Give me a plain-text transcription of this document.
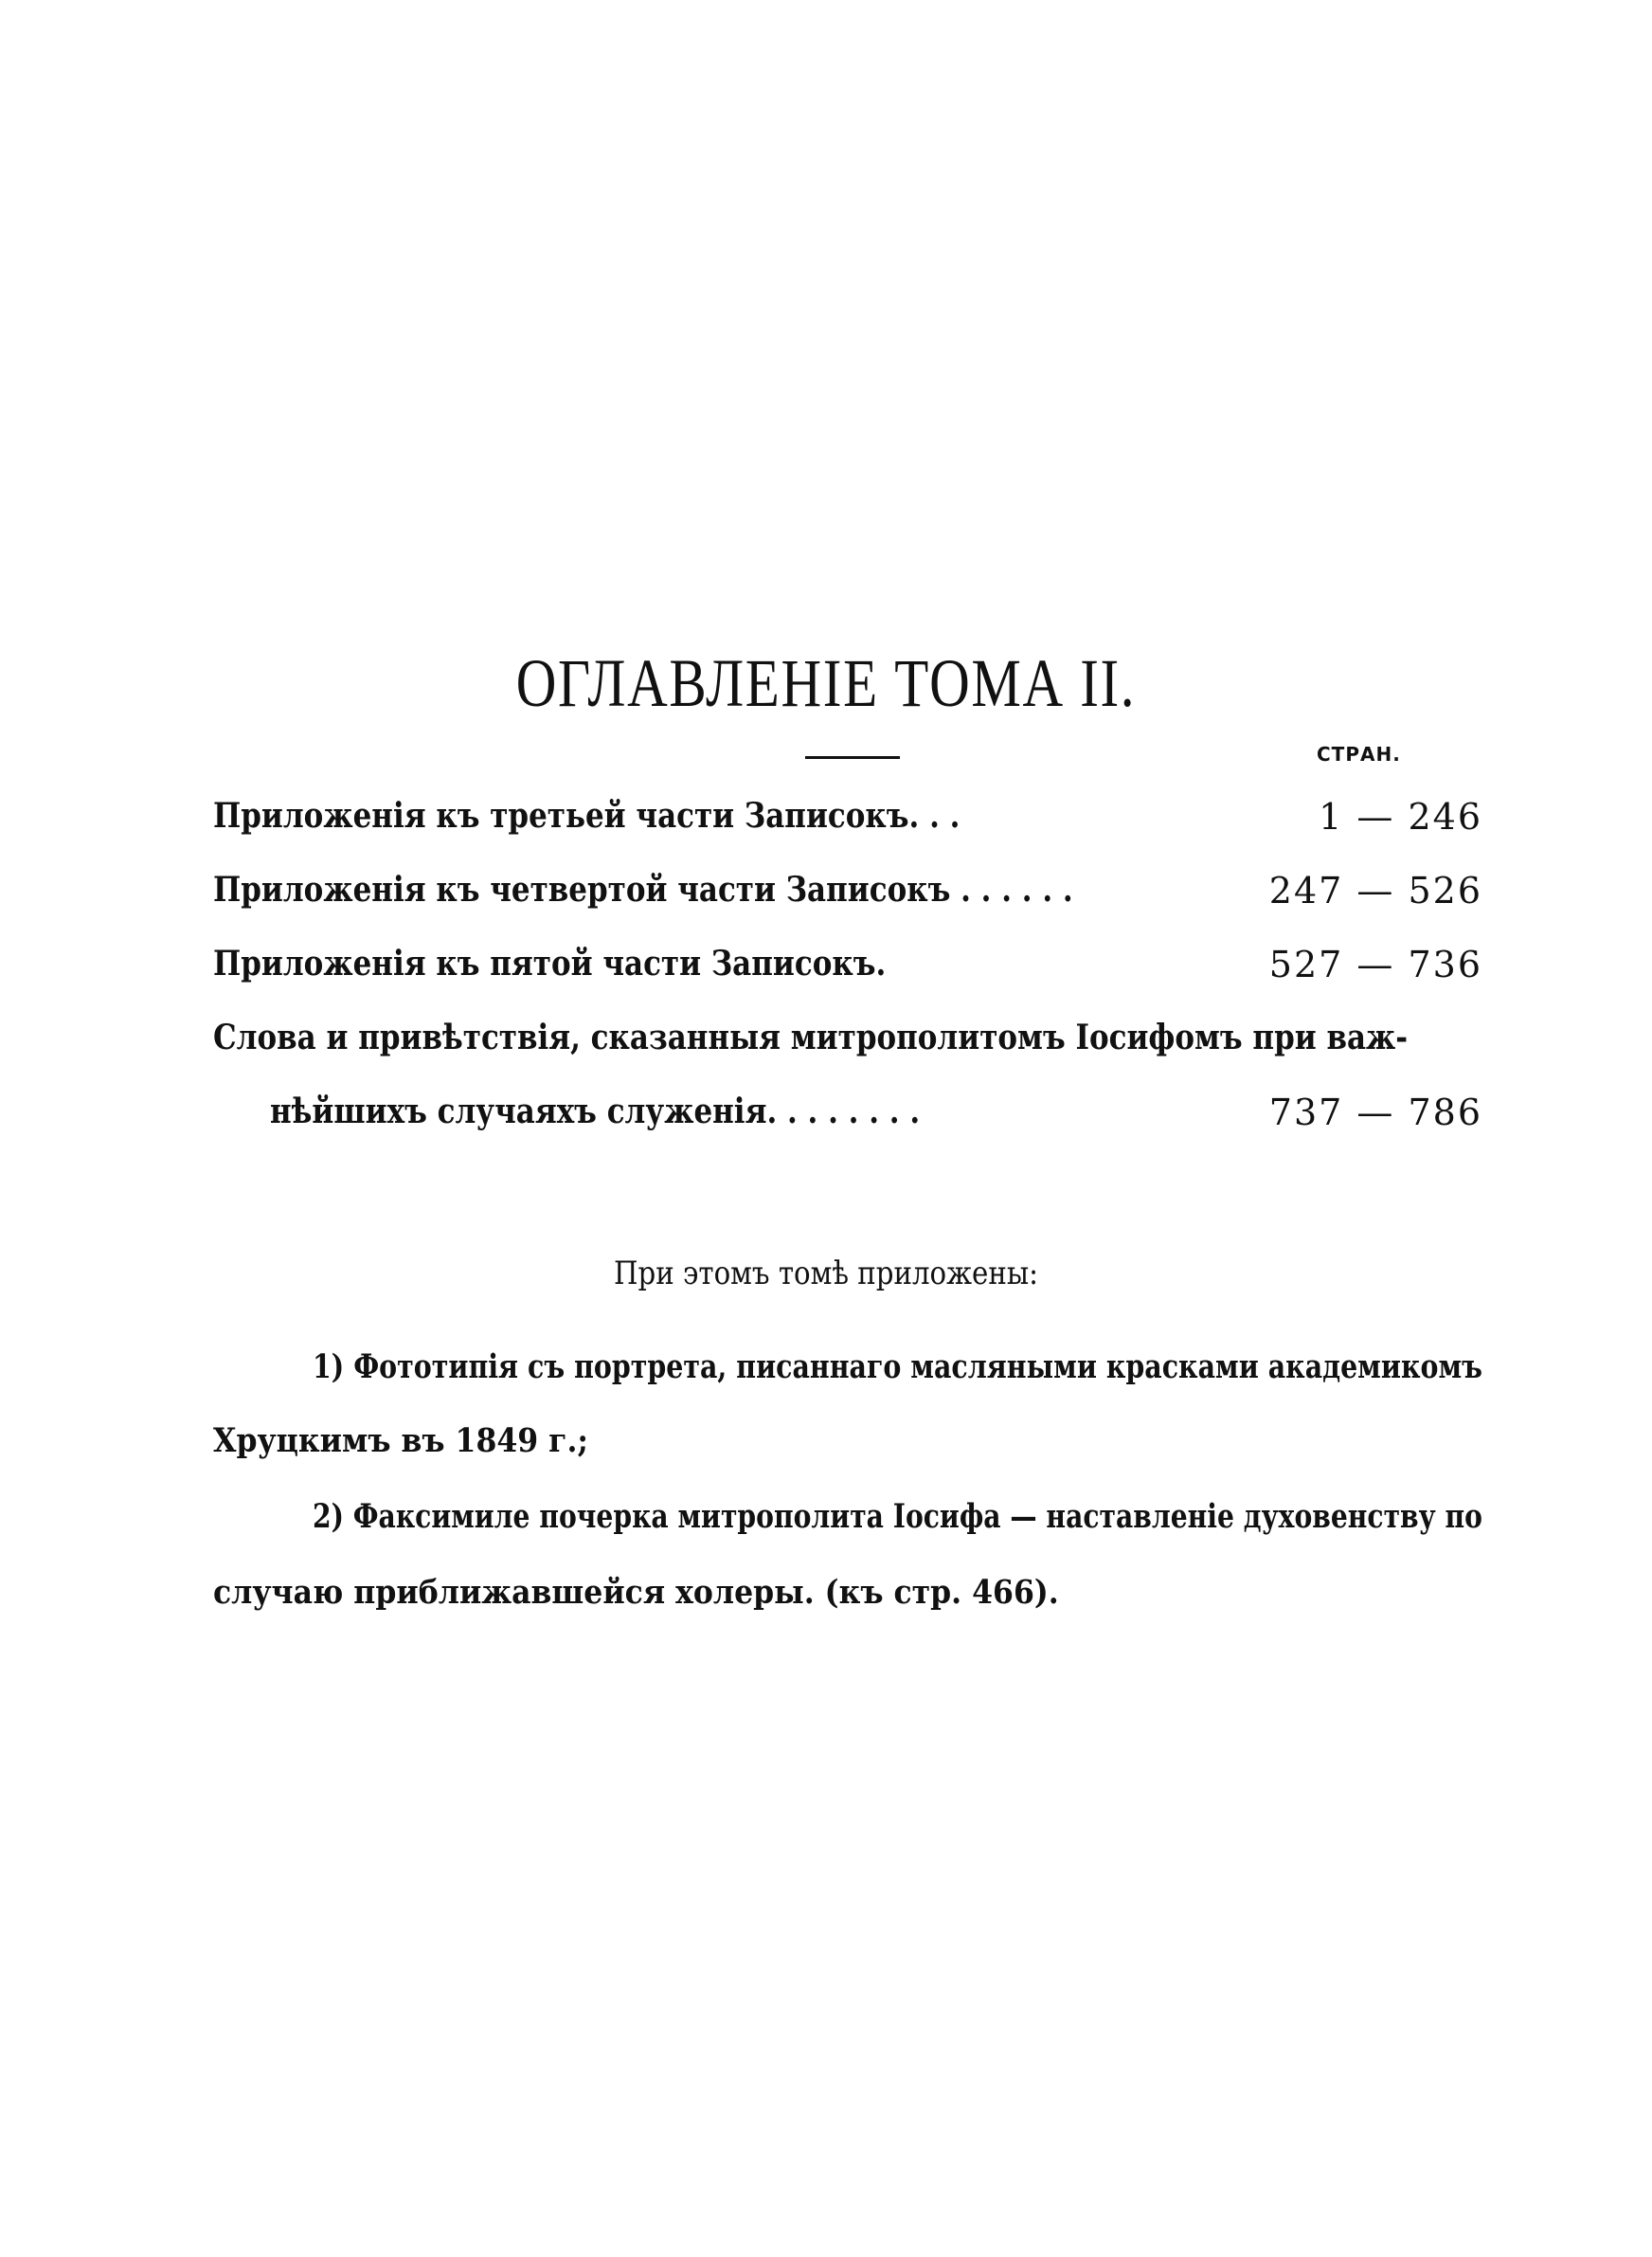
ОГЛАВЛЕНІЕ ТОМА II.
СТРАН.
Приложенія къ третьей части Записокъ. . .	1 — 246
Приложенія къ четвертой части Записокъ . . . . . .	247 — 526
Приложенія къ пятой части Записокъ.	527 — 736
Слова и привѣтствія, сказанныя митрополитомъ Іосифомъ при важ-
нѣйшихъ случаяхъ служенія. . . . . . . .	737 — 786
При этомъ томѣ приложены:
1) Фототипія съ портрета, писаннаго масляными красками академикомъ
Хруцкимъ въ 1849 г.;
2) Факсимиле почерка митрополита Іосифа — наставленіе духовенству по
случаю приближавшейся холеры. (къ стр. 466).
